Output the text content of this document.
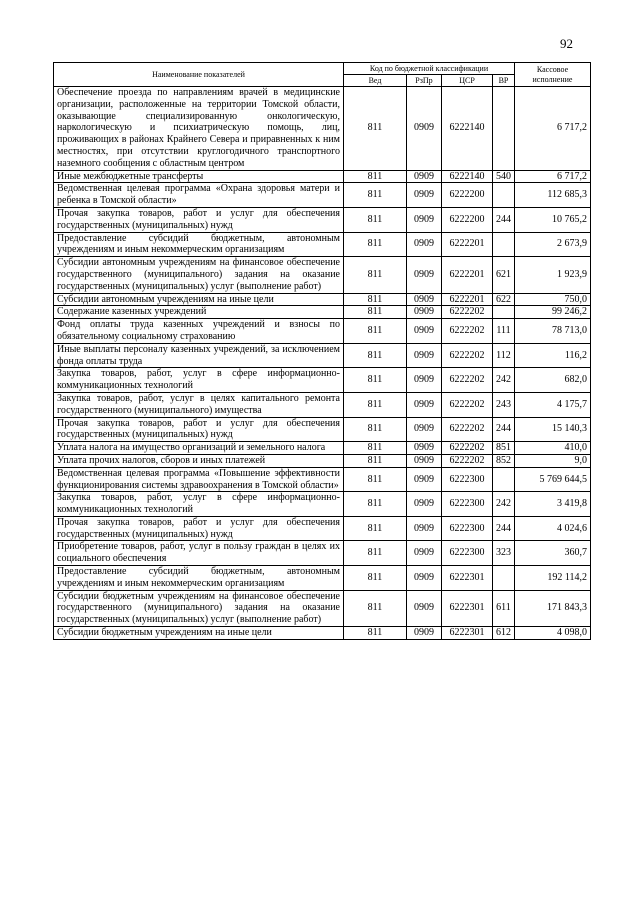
92
Наименование показателей	Код по бюджетной классификации				Кассовое исполнение
	Вед	РзПр	ЦСР	ВР	
Обеспечение проезда по направлениям врачей в медицинские организации, расположенные на территории Томской области, оказывающие специализированную онкологическую, наркологическую и психиатрическую помощь, лиц, проживающих в районах Крайнего Севера и приравненных к ним местностях, при отсутствии круглогодичного транспортного наземного сообщения с областным центром	811	0909	6222140		6 717,2
Иные межбюджетные трансферты	811	0909	6222140	540	6 717,2
Ведомственная целевая программа «Охрана здоровья матери и ребенка в Томской области»	811	0909	6222200		112 685,3
Прочая закупка товаров, работ и услуг для обеспечения государственных (муниципальных) нужд	811	0909	6222200	244	10 765,2
Предоставление субсидий бюджетным, автономным учреждениям и иным некоммерческим организациям	811	0909	6222201		2 673,9
Субсидии автономным учреждениям на финансовое обеспечение государственного (муниципального) задания на оказание государственных (муниципальных) услуг (выполнение работ)	811	0909	6222201	621	1 923,9
Субсидии автономным учреждениям на иные цели	811	0909	6222201	622	750,0
Содержание казенных учреждений	811	0909	6222202		99 246,2
Фонд оплаты труда казенных учреждений и взносы по обязательному социальному страхованию	811	0909	6222202	111	78 713,0
Иные выплаты персоналу казенных учреждений, за исключением фонда оплаты труда	811	0909	6222202	112	116,2
Закупка товаров, работ, услуг в сфере информационно-коммуникационных технологий	811	0909	6222202	242	682,0
Закупка товаров, работ, услуг в целях капитального ремонта государственного (муниципального) имущества	811	0909	6222202	243	4 175,7
Прочая закупка товаров, работ и услуг для обеспечения государственных (муниципальных) нужд	811	0909	6222202	244	15 140,3
Уплата налога на имущество организаций и земельного налога	811	0909	6222202	851	410,0
Уплата прочих налогов, сборов и иных платежей	811	0909	6222202	852	9,0
Ведомственная целевая программа «Повышение эффективности функционирования системы здравоохранения в Томской области»	811	0909	6222300		5 769 644,5
Закупка товаров, работ, услуг в сфере информационно-коммуникационных технологий	811	0909	6222300	242	3 419,8
Прочая закупка товаров, работ и услуг для обеспечения государственных (муниципальных) нужд	811	0909	6222300	244	4 024,6
Приобретение товаров, работ, услуг в пользу граждан в целях их социального обеспечения	811	0909	6222300	323	360,7
Предоставление субсидий бюджетным, автономным учреждениям и иным некоммерческим организациям	811	0909	6222301		192 114,2
Субсидии бюджетным учреждениям на финансовое обеспечение государственного (муниципального) задания на оказание государственных (муниципальных) услуг (выполнение работ)	811	0909	6222301	611	171 843,3
Субсидии бюджетным учреждениям на иные цели	811	0909	6222301	612	4 098,0
